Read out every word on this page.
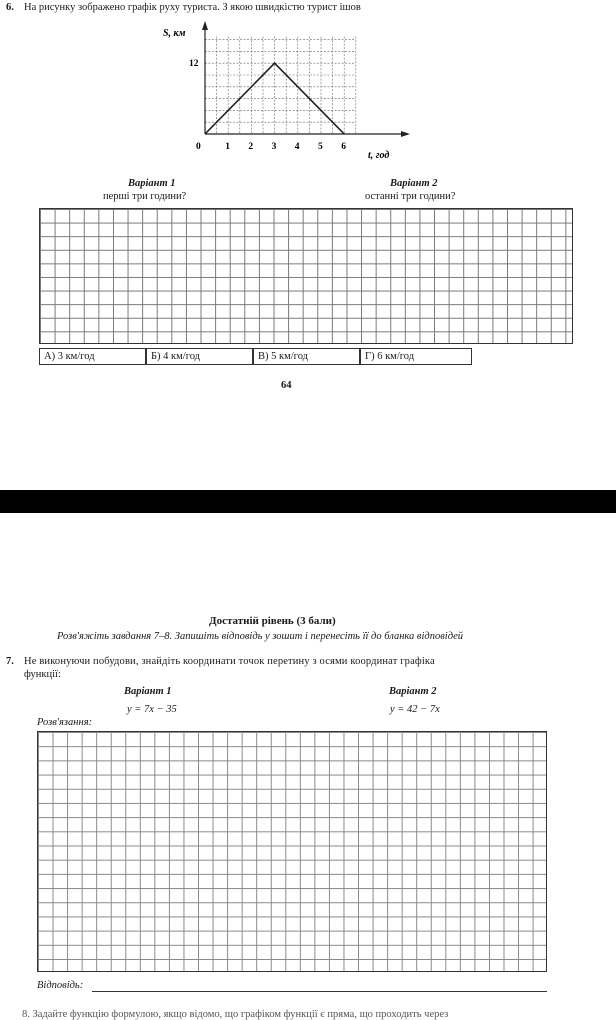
6. На рисунку зображено графік руху туриста. З якою швидкістю турист ішов
0	1 2 3 4 5 6
12
S, км
t, год
Варіант 1
перші три години?
Варіант 2
останні три години?
А) 3 км/год	Б) 4 км/год	В) 5 км/год	Г) 6 км/год
64
Достатній рівень (3 бали)
Розв'яжіть завдання 7–8. Запишіть відповідь у зошит і перенесіть її до бланка відповідей
7. Не виконуючи побудови, знайдіть координати точок перетину з осями координат графіка
функції:
Варіант 1
y = 7x − 35
Варіант 2
y = 42 − 7x
Розв'язання:
Відповідь:
8. Задайте функцію формулою, якщо відомо, що графіком функції є пряма, що проходить через
